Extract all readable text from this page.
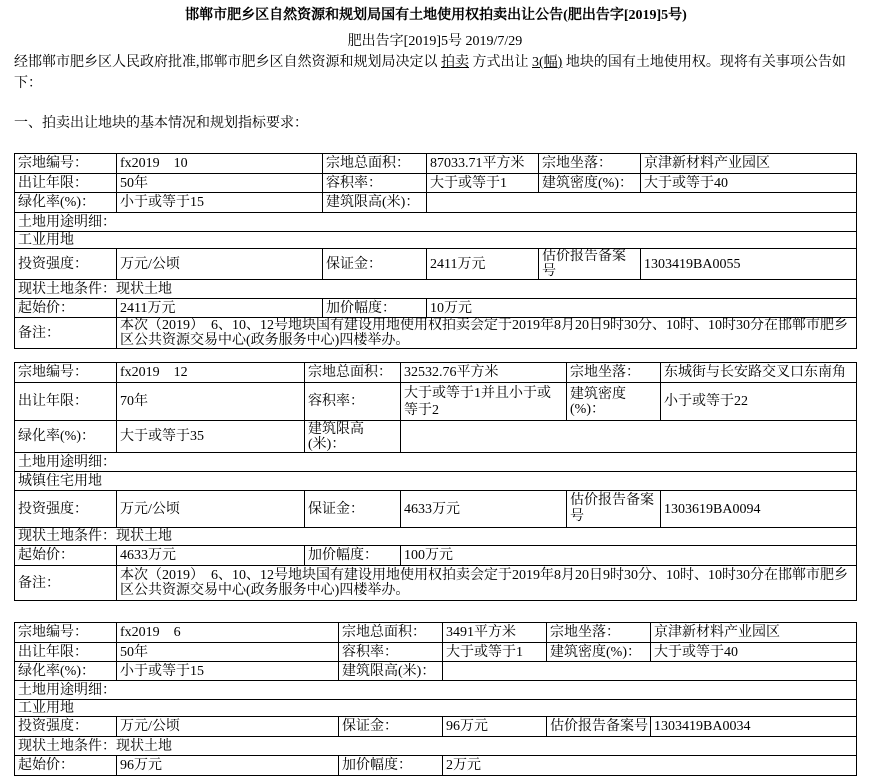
邯郸市肥乡区自然资源和规划局国有土地使用权拍卖出让公告(肥出告字[2019]5号)
肥出告字[2019]5号 2019/7/29

经邯郸市肥乡区人民政府批准,邯郸市肥乡区自然资源和规划局决定以 拍卖 方式出让 3(幅) 地块的国有土地使用权。现将有关事项公告如下：

一、拍卖出让地块的基本情况和规划指标要求：

宗地编号：	fx2019　10	宗地总面积：	87033.71平方米	宗地坐落：	京津新材料产业园区
出让年限：	50年	容积率：	大于或等于1	建筑密度(%)：	大于或等于40
绿化率(%)：	小于或等于15	建筑限高(米)：			
土地用途明细：					
工业用地					
投资强度：	万元/公顷	保证金：	2411万元	估价报告备案号	1303419BA0055
现状土地条件：现状土地					
起始价：	2411万元	加价幅度：	10万元		
备注：	本次（2019）　6、10、12号地块国有建设用地使用权拍卖会定于2019年8月20日9时30分、10时、10时30分在邯郸市肥乡区公共资源交易中心(政务服务中心)四楼举办。				
宗地编号：	fx2019　12	宗地总面积：	32532.76平方米	宗地坐落：	东城街与长安路交叉口东南角
出让年限：	70年	容积率：	大于或等于1并且小于或等于2	建筑密度(%)：	小于或等于22
绿化率(%)：	大于或等于35	建筑限高(米)：			
土地用途明细：					
城镇住宅用地					
投资强度：	万元/公顷	保证金：	4633万元	估价报告备案号	1303619BA0094
现状土地条件：现状土地					
起始价：	4633万元	加价幅度：	100万元		
备注：	本次（2019）　6、10、12号地块国有建设用地使用权拍卖会定于2019年8月20日9时30分、10时、10时30分在邯郸市肥乡区公共资源交易中心(政务服务中心)四楼举办。				
宗地编号：	fx2019　6	宗地总面积：	3491平方米	宗地坐落：	京津新材料产业园区
出让年限：	50年	容积率：	大于或等于1	建筑密度(%)：	大于或等于40
绿化率(%)：	小于或等于15	建筑限高(米)：			
土地用途明细：					
工业用地					
投资强度：	万元/公顷	保证金：	96万元	估价报告备案号	1303419BA0034
现状土地条件：现状土地					
起始价：	96万元	加价幅度：	2万元		
